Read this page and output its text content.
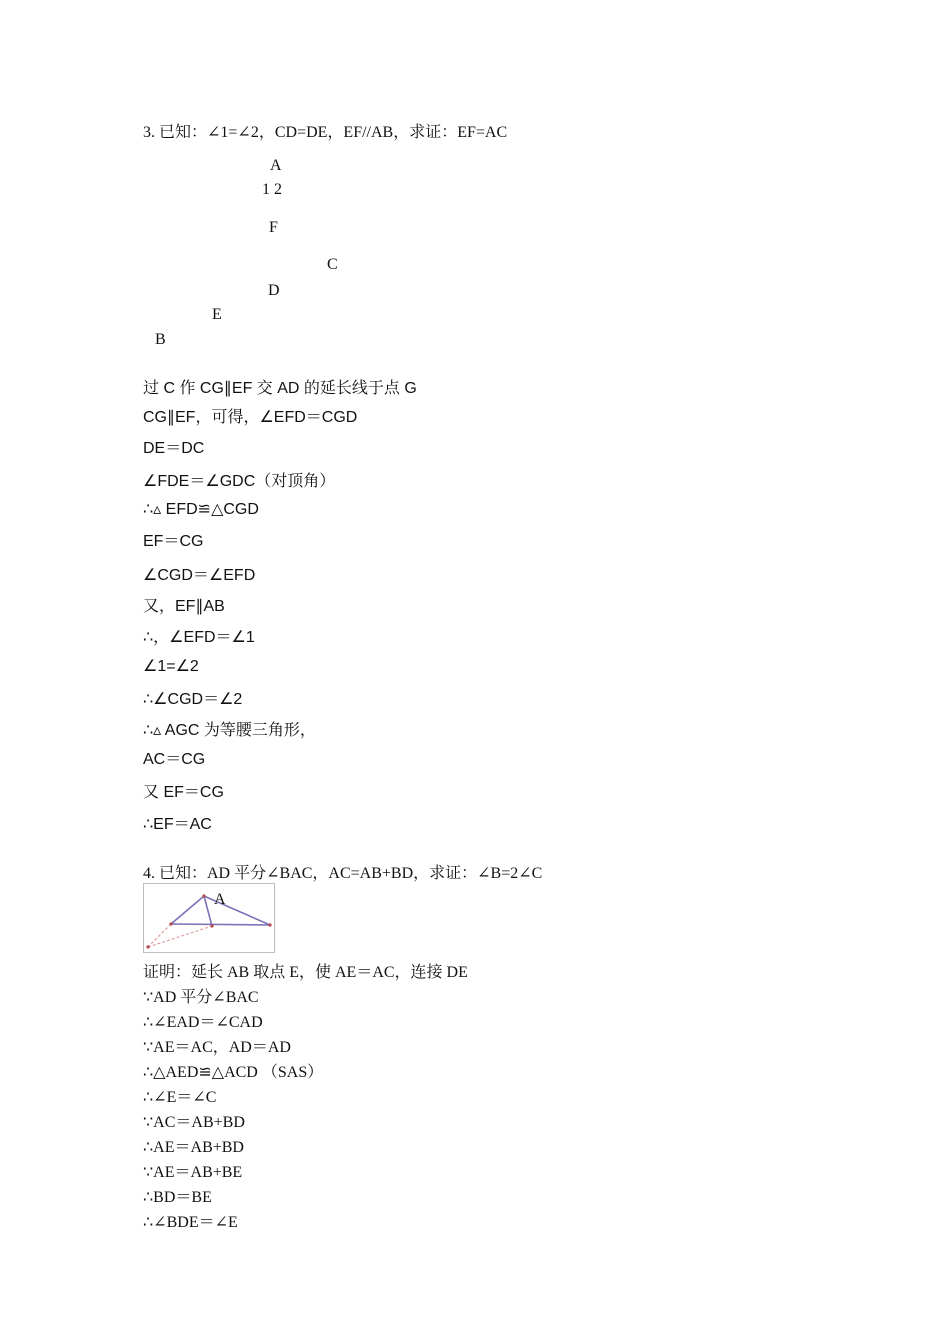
3. 已知：∠1=∠2，CD=DE，EF//AB，求证：EF=AC
A
1 2
F
C
D
E
B
过 C 作 CG∥EF 交 AD 的延长线于点 G
CG∥EF，可得，∠EFD＝CGD
DE＝DC
∠FDE＝∠GDC（对顶角）
∴▵ EFD≌△CGD
EF＝CG
∠CGD＝∠EFD
又，EF∥AB
∴，∠EFD＝∠1
∠1=∠2
∴∠CGD＝∠2
∴▵ AGC 为等腰三角形，
AC＝CG
又 EF＝CG
∴EF＝AC
4. 已知：AD 平分∠BAC，AC=AB+BD，求证：∠B=2∠C
A
证明：延长 AB 取点 E，使 AE＝AC，连接 DE
∵AD 平分∠BAC
∴∠EAD＝∠CAD
∵AE＝AC，AD＝AD
∴△AED≌△ACD （SAS）
∴∠E＝∠C
∵AC＝AB+BD
∴AE＝AB+BD
∵AE＝AB+BE
∴BD＝BE
∴∠BDE＝∠E
